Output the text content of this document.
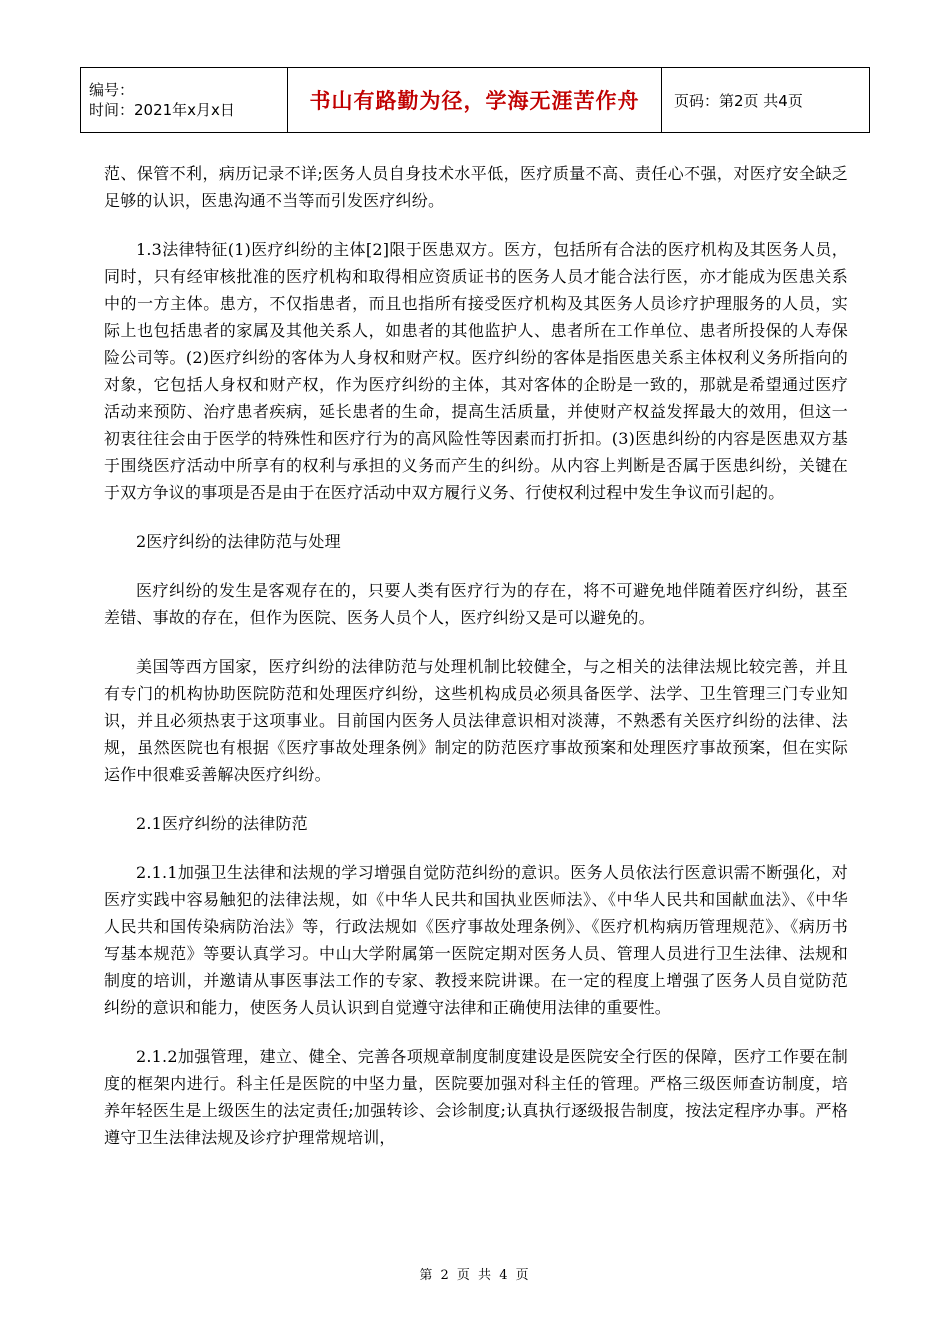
编号：
时间：2021年x月x日	书山有路勤为径，学海无涯苦作舟	页码：第2页 共4页

范、保管不利，病历记录不详;医务人员自身技术水平低，医疗质量不高、责任心不强，对医疗安全缺乏足够的认识，医患沟通不当等而引发医疗纠纷。

1.3法律特征(1)医疗纠纷的主体[2]限于医患双方。医方，包括所有合法的医疗机构及其医务人员，同时，只有经审核批准的医疗机构和取得相应资质证书的医务人员才能合法行医，亦才能成为医患关系中的一方主体。患方，不仅指患者，而且也指所有接受医疗机构及其医务人员诊疗护理服务的人员，实际上也包括患者的家属及其他关系人，如患者的其他监护人、患者所在工作单位、患者所投保的人寿保险公司等。(2)医疗纠纷的客体为人身权和财产权。医疗纠纷的客体是指医患关系主体权利义务所指向的对象，它包括人身权和财产权，作为医疗纠纷的主体，其对客体的企盼是一致的，那就是希望通过医疗活动来预防、治疗患者疾病，延长患者的生命，提高生活质量，并使财产权益发挥最大的效用，但这一初衷往往会由于医学的特殊性和医疗行为的高风险性等因素而打折扣。(3)医患纠纷的内容是医患双方基于围绕医疗活动中所享有的权利与承担的义务而产生的纠纷。从内容上判断是否属于医患纠纷，关键在于双方争议的事项是否是由于在医疗活动中双方履行义务、行使权利过程中发生争议而引起的。

2医疗纠纷的法律防范与处理

医疗纠纷的发生是客观存在的，只要人类有医疗行为的存在，将不可避免地伴随着医疗纠纷，甚至差错、事故的存在，但作为医院、医务人员个人，医疗纠纷又是可以避免的。

美国等西方国家，医疗纠纷的法律防范与处理机制比较健全，与之相关的法律法规比较完善，并且有专门的机构协助医院防范和处理医疗纠纷，这些机构成员必须具备医学、法学、卫生管理三门专业知识，并且必须热衷于这项事业。目前国内医务人员法律意识相对淡薄，不熟悉有关医疗纠纷的法律、法规，虽然医院也有根据《医疗事故处理条例》制定的防范医疗事故预案和处理医疗事故预案，但在实际运作中很难妥善解决医疗纠纷。

2.1医疗纠纷的法律防范

2.1.1加强卫生法律和法规的学习增强自觉防范纠纷的意识。医务人员依法行医意识需不断强化，对医疗实践中容易触犯的法律法规，如《中华人民共和国执业医师法》、《中华人民共和国献血法》、《中华人民共和国传染病防治法》等，行政法规如《医疗事故处理条例》、《医疗机构病历管理规范》、《病历书写基本规范》等要认真学习。中山大学附属第一医院定期对医务人员、管理人员进行卫生法律、法规和制度的培训，并邀请从事医事法工作的专家、教授来院讲课。在一定的程度上增强了医务人员自觉防范纠纷的意识和能力，使医务人员认识到自觉遵守法律和正确使用法律的重要性。

2.1.2加强管理，建立、健全、完善各项规章制度制度建设是医院安全行医的保障，医疗工作要在制度的框架内进行。科主任是医院的中坚力量，医院要加强对科主任的管理。严格三级医师查访制度，培养年轻医生是上级医生的法定责任;加强转诊、会诊制度;认真执行逐级报告制度，按法定程序办事。严格遵守卫生法律法规及诊疗护理常规培训，

第 2 页 共 4 页
